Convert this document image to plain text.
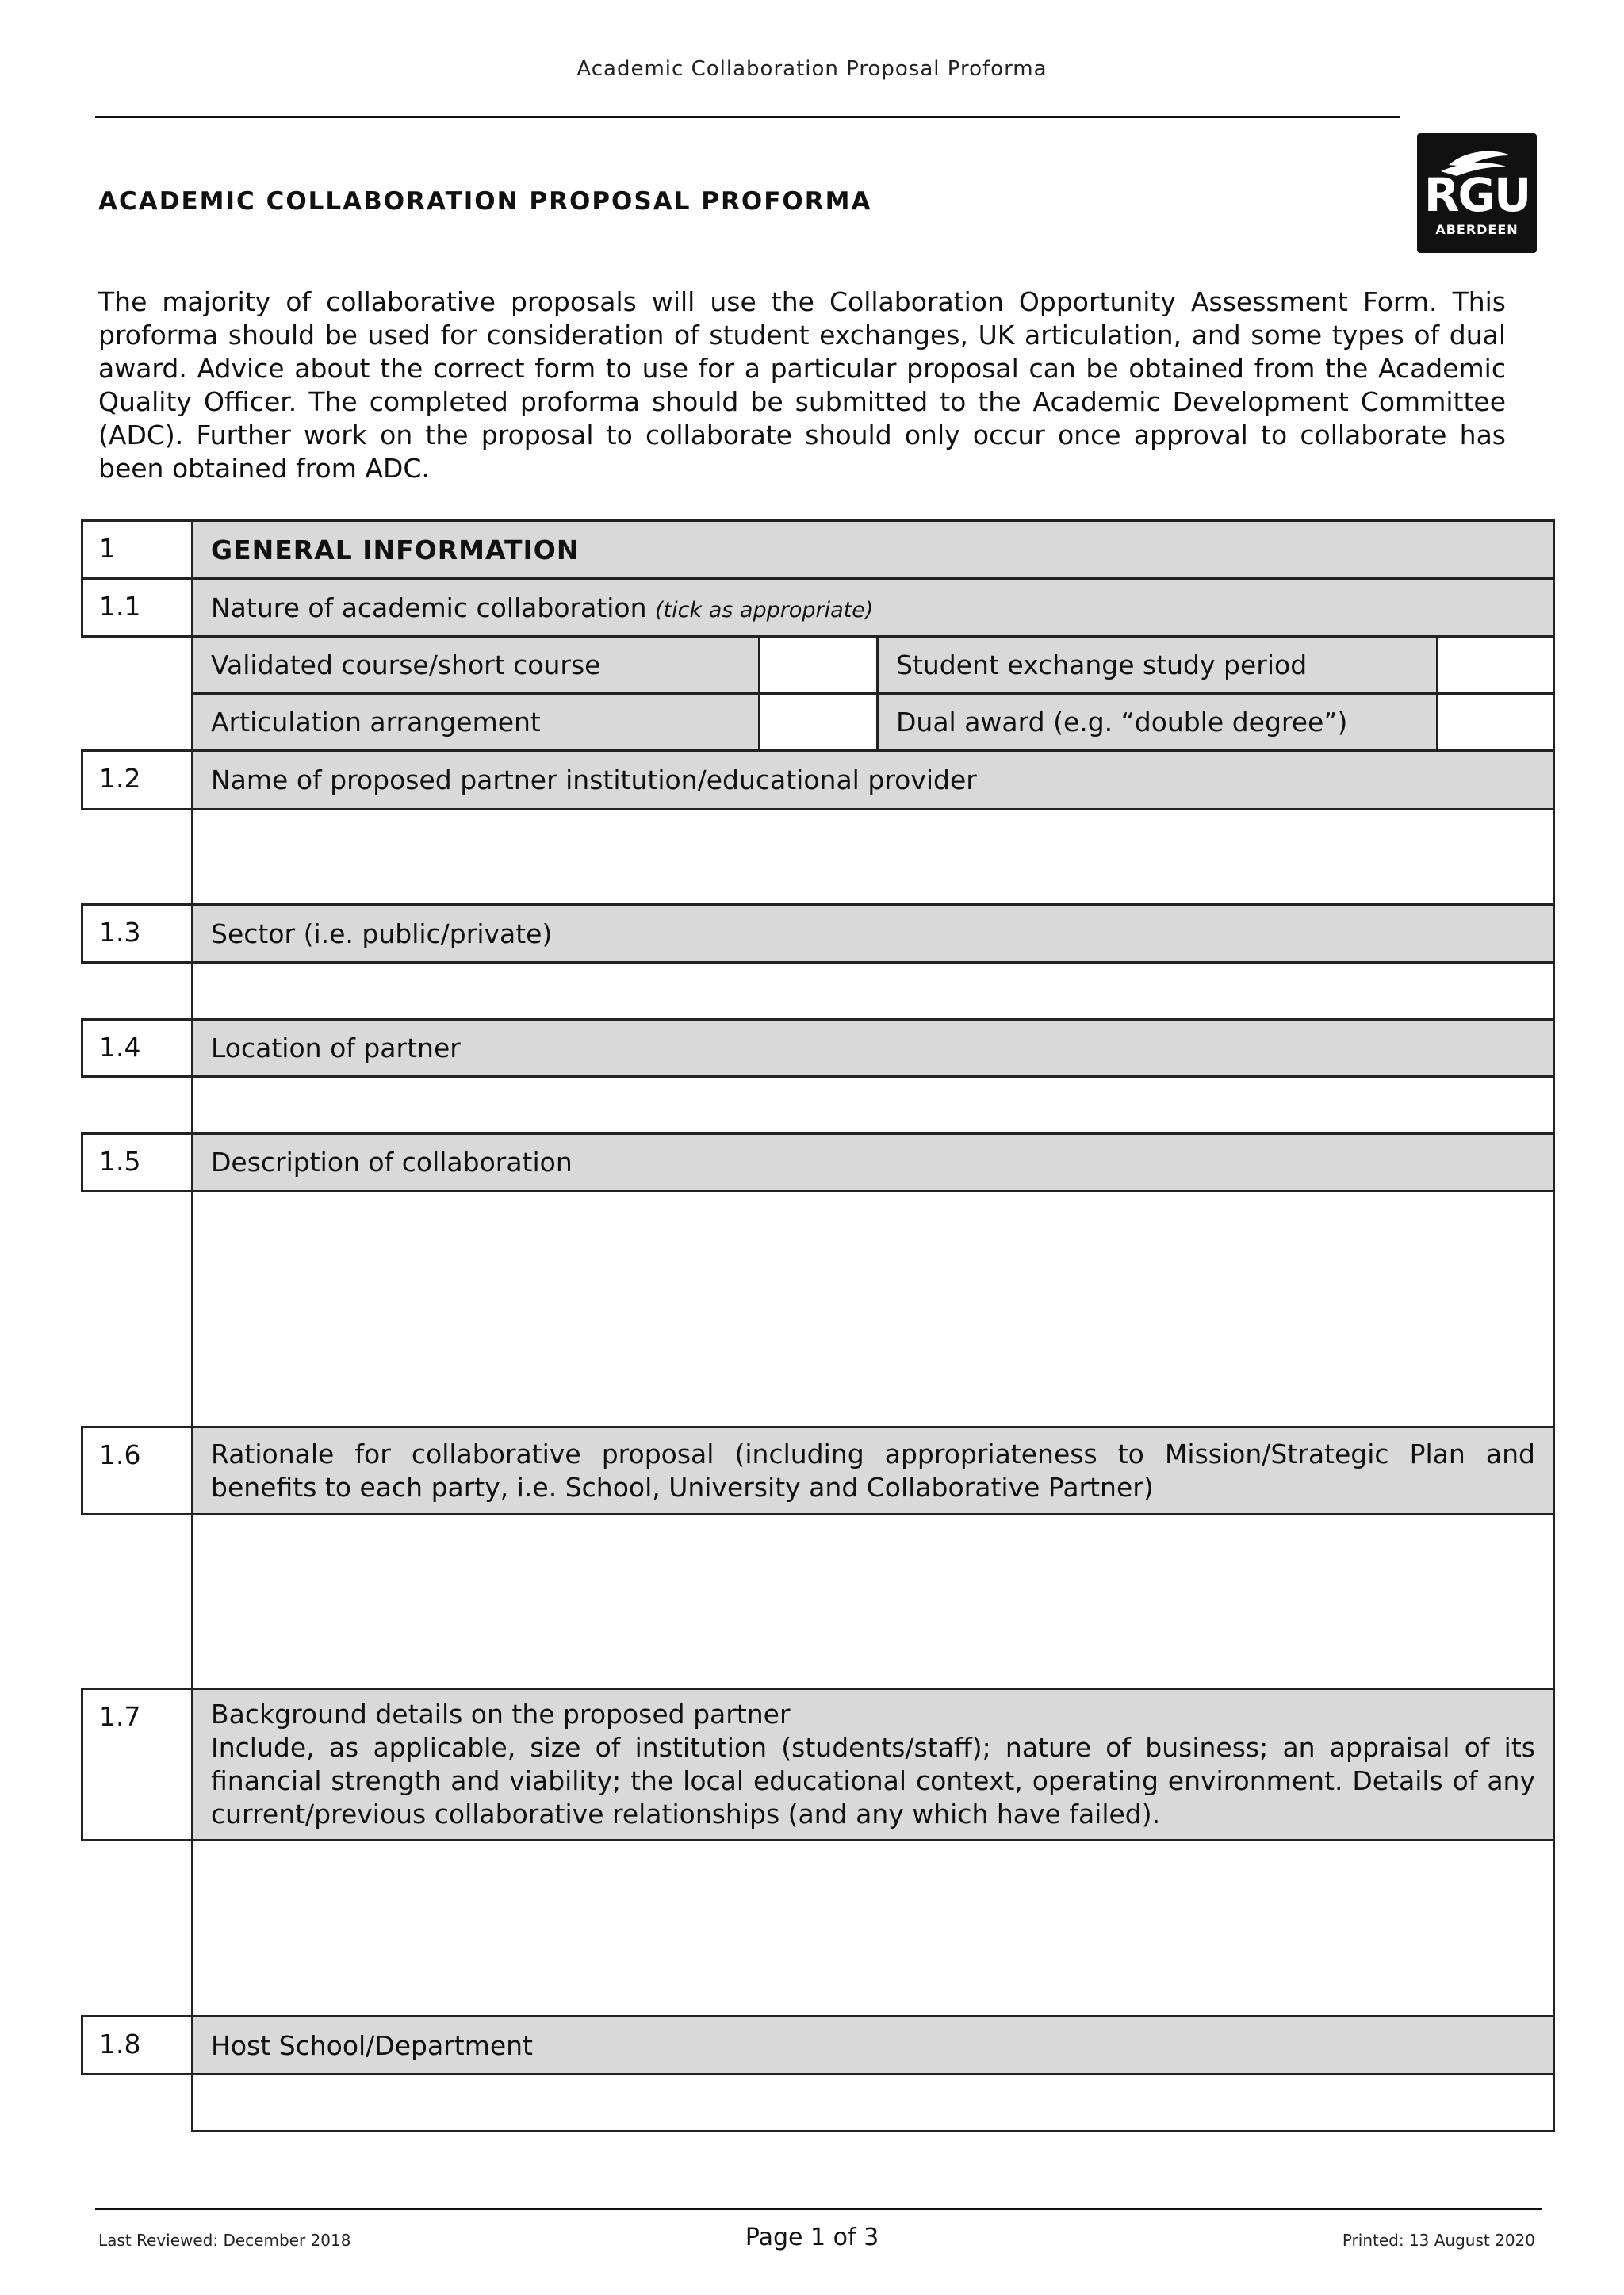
Academic Collaboration Proposal Proforma
RGU
ABERDEEN
ACADEMIC COLLABORATION PROPOSAL PROFORMA
The majority of collaborative proposals will use the Collaboration Opportunity Assessment Form. This proforma should be used for consideration of student exchanges, UK articulation, and some types of dual award. Advice about the correct form to use for a particular proposal can be obtained from the Academic Quality Officer. The completed proforma should be submitted to the Academic Development Committee (ADC). Further work on the proposal to collaborate should only occur once approval to collaborate has been obtained from ADC.
1	GENERAL INFORMATION			
1.1	Nature of academic collaboration (tick as appropriate)			
	Validated course/short course		Student exchange study period	
	Articulation arrangement		Dual award (e.g. “double degree”)	
1.2	Name of proposed partner institution/educational provider			

1.3	Sector (i.e. public/private)			

1.4	Location of partner			

1.5	Description of collaboration			

1.6	Rationale for collaborative proposal (including appropriateness to Mission/Strategic Plan and benefits to each party, i.e. School, University and Collaborative Partner)			

1.7	Background details on the proposed partner
Include, as applicable, size of institution (students/staff); nature of business; an appraisal of its financial strength and viability; the local educational context, operating environment. Details of any current/previous collaborative relationships (and any which have failed).			

1.8	Host School/Department			

Last Reviewed: December 2018	Page 1 of 3	Printed: 13 August 2020
